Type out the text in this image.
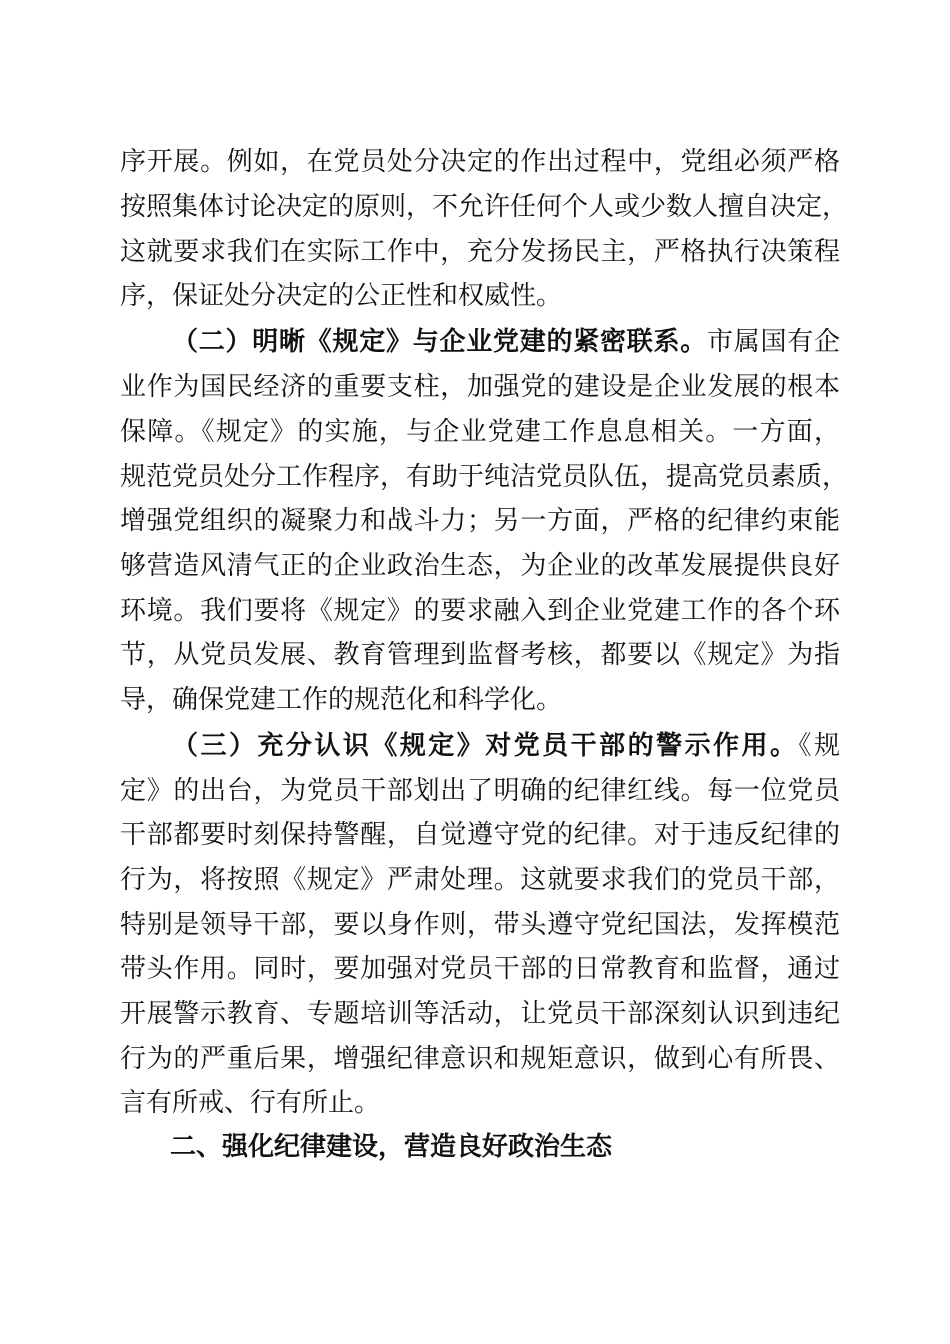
序开展。例如，在党员处分决定的作出过程中，党组必须严格
按照集体讨论决定的原则，不允许任何个人或少数人擅自决定，
这就要求我们在实际工作中，充分发扬民主，严格执行决策程
序，保证处分决定的公正性和权威性。
（二）明晰《规定》与企业党建的紧密联系。市属国有企
业作为国民经济的重要支柱，加强党的建设是企业发展的根本
保障。《规定》的实施，与企业党建工作息息相关。一方面，
规范党员处分工作程序，有助于纯洁党员队伍，提高党员素质，
增强党组织的凝聚力和战斗力；另一方面，严格的纪律约束能
够营造风清气正的企业政治生态，为企业的改革发展提供良好
环境。我们要将《规定》的要求融入到企业党建工作的各个环
节，从党员发展、教育管理到监督考核，都要以《规定》为指
导，确保党建工作的规范化和科学化。
（三）充分认识《规定》对党员干部的警示作用。《规
定》的出台，为党员干部划出了明确的纪律红线。每一位党员
干部都要时刻保持警醒，自觉遵守党的纪律。对于违反纪律的
行为，将按照《规定》严肃处理。这就要求我们的党员干部，
特别是领导干部，要以身作则，带头遵守党纪国法，发挥模范
带头作用。同时，要加强对党员干部的日常教育和监督，通过
开展警示教育、专题培训等活动，让党员干部深刻认识到违纪
行为的严重后果，增强纪律意识和规矩意识，做到心有所畏、
言有所戒、行有所止。
二、强化纪律建设，营造良好政治生态
